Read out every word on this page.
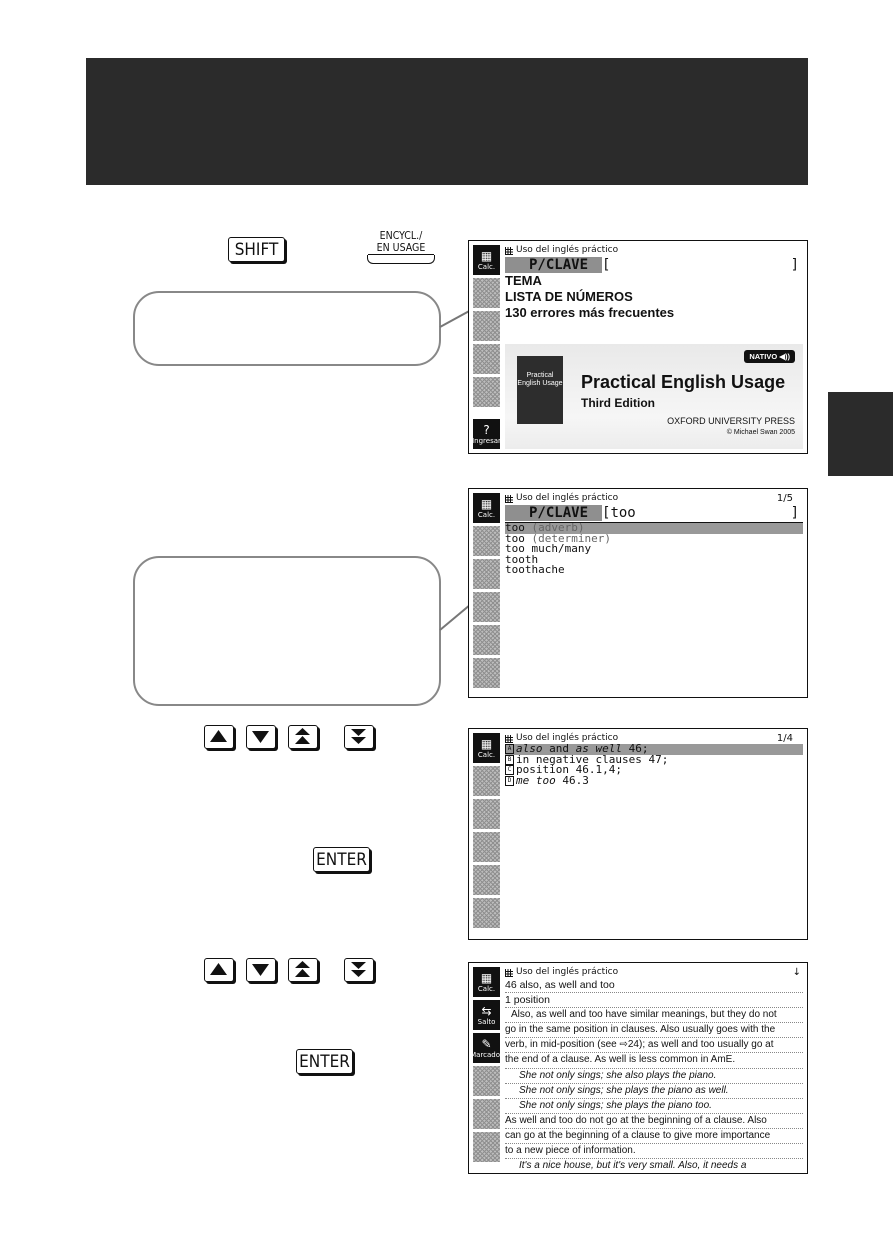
SHIFT
ENCYCL./
EN USAGE
ENTER
ENTER
▦
Calc.
?
Ingresar
Uso del inglés práctico
P/CLAVE	[	]
TEMA
LISTA DE NÚMEROS
130 errores más frecuentes
Practical English Usage
NATIVO ◀))
Practical English Usage
Third Edition
OXFORD UNIVERSITY PRESS
© Michael Swan 2005
▦
Calc.
Uso del inglés práctico	1/5
P/CLAVE	[too	]
too (adverb)
too (determiner)
too much/many
tooth
toothache
▦
Calc.
Uso del inglés práctico	1/4
A also and as well 46;
B in negative clauses 47;
C position 46.1,4;
D me too 46.3
▦
Calc.
⇆
Salto
✎
Marcador
Uso del inglés práctico	↓
46 also, as well and too
1 position
Also, as well and too have similar meanings, but they do not
go in the same position in clauses. Also usually goes with the
verb, in mid-position (see ⇨24); as well and too usually go at
the end of a clause. As well is less common in AmE.
She not only sings; she also plays the piano.
She not only sings; she plays the piano as well.
She not only sings; she plays the piano too.
As well and too do not go at the beginning of a clause. Also
can go at the beginning of a clause to give more importance
to a new piece of information.
It's a nice house, but it's very small. Also, it needs a
